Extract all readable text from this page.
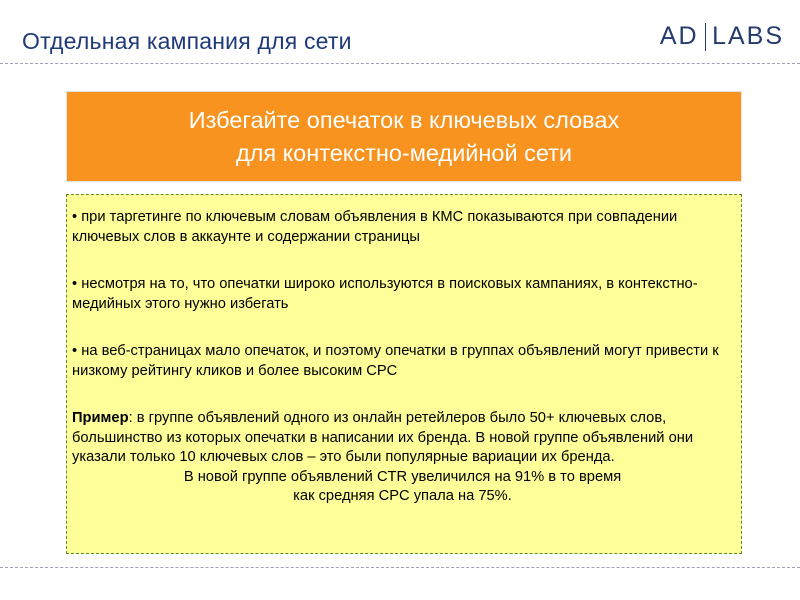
Отдельная кампания для сети	AD LABS
Избегайте опечаток в ключевых словах
для контекстно-медийной сети

• при таргетинге по ключевым словам объявления в КМС показываются при совпадении ключевых слов в аккаунте и содержании страницы

• несмотря на то, что опечатки широко используются в поисковых кампаниях, в контекстно-медийных этого нужно избегать

• на веб-страницах мало опечаток, и поэтому опечатки в группах объявлений могут привести к низкому рейтингу кликов и более высоким CPC

Пример: в группе объявлений одного из онлайн ретейлеров было 50+ ключевых слов, большинство из которых опечатки в написании их бренда. В новой группе объявлений они указали только 10 ключевых слов – это были популярные вариации их бренда.

В новой группе объявлений CTR увеличился на 91% в то время

как средняя CPC упала на 75%.
